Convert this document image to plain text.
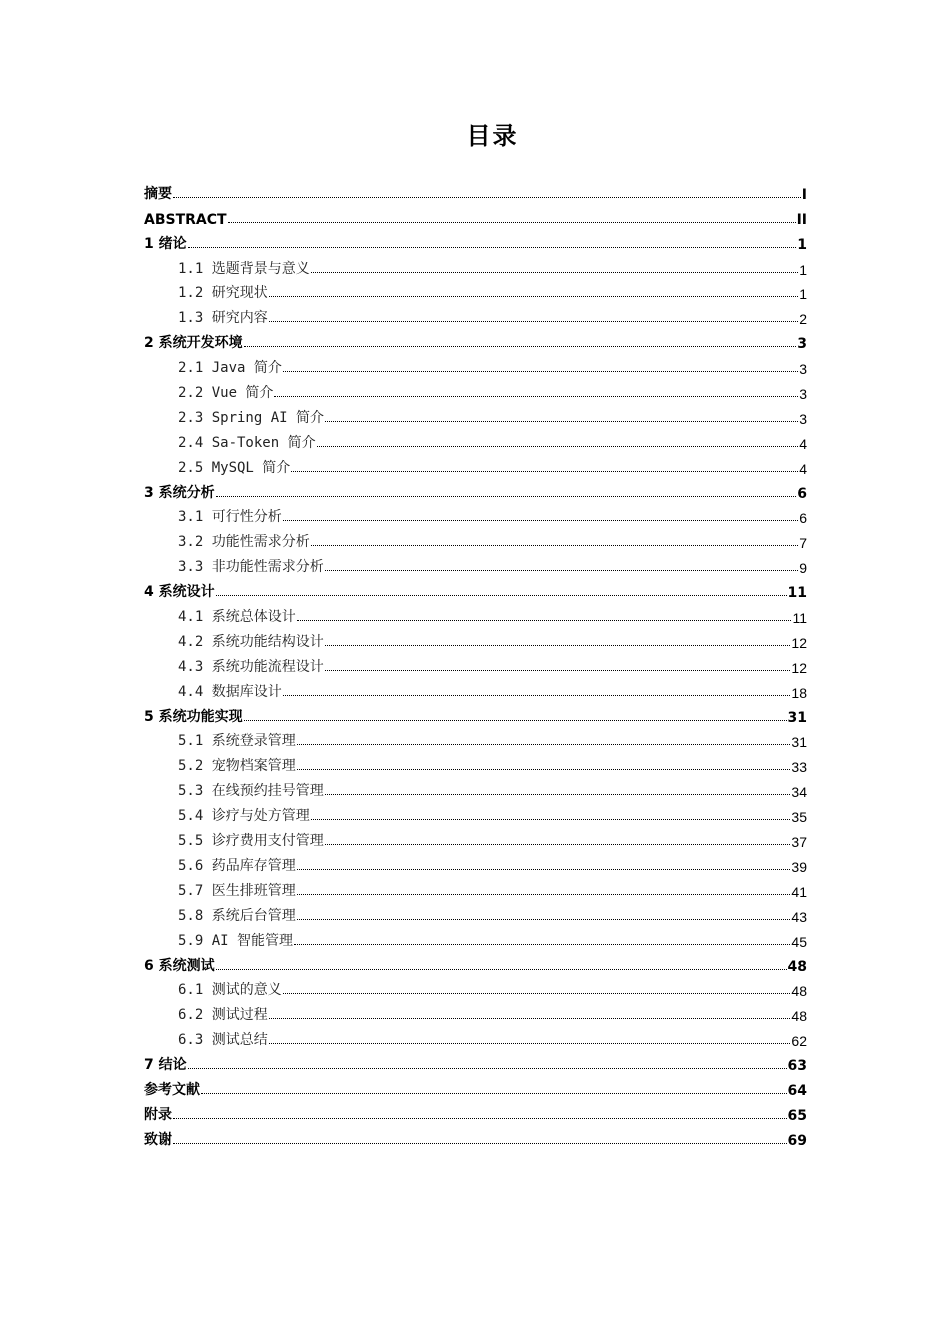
目录
摘要	I
ABSTRACT	II
1 绪论	1
1.1 选题背景与意义	1
1.2 研究现状	1
1.3 研究内容	2
2 系统开发环境	3
2.1 Java 简介	3
2.2 Vue 简介	3
2.3 Spring AI 简介	3
2.4 Sa-Token 简介	4
2.5 MySQL 简介	4
3 系统分析	6
3.1 可行性分析	6
3.2 功能性需求分析	7
3.3 非功能性需求分析	9
4 系统设计	11
4.1 系统总体设计	11
4.2 系统功能结构设计	12
4.3 系统功能流程设计	12
4.4 数据库设计	18
5 系统功能实现	31
5.1 系统登录管理	31
5.2 宠物档案管理	33
5.3 在线预约挂号管理	34
5.4 诊疗与处方管理	35
5.5 诊疗费用支付管理	37
5.6 药品库存管理	39
5.7 医生排班管理	41
5.8 系统后台管理	43
5.9 AI 智能管理	45
6 系统测试	48
6.1 测试的意义	48
6.2 测试过程	48
6.3 测试总结	62
7 结论	63
参考文献	64
附录	65
致谢	69
